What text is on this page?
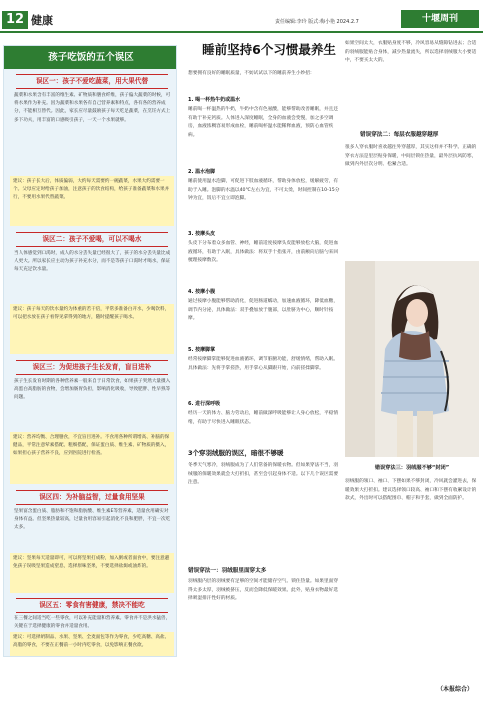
12 健康	责任编辑:李玲 版式:梅小艳 2024.2.7	十堰周刊
孩子吃饭的五个误区
误区一：孩子不爱吃蔬菜，用大果代替
蔬菜和水果含有丰富的维生素、矿物质和膳食纤维，孩子偏大蔬菜的时候，可将水果作为补充。因为蔬菜和水果各有自己营养素和特点，各有各的营养成分，不能相互替代。因此，家长应尽量鼓励孩子每天吃足蔬菜，在烹饪方式上多下功夫，用丰富的口感吸引孩子，一天一个水果就够。
建议：孩子长大后，体质偏弱，大约每天需要约一碗蔬菜，水果大约需要一个。父母应定时给孩子加油，注意孩子的饮食结构，给孩子准备蔬菜和水果并行，不要用水果代替蔬菜。
误区二：孩子不爱喝，可以不喝水
当人体感觉到口渴时，成人的水分丢失量已经很大了，孩子的水分丢失量比成人更大。所以家长应主动为孩子补充水分，而不是等孩子口渴时才喝水，保证每天充足饮水量。
建议：孩子每天的饮水量约为体重的若干倍，平常多准备白开水，少喝饮料，可以把水放在孩子看得见拿得到的地方，随时提醒孩子喝水。
误区三：为促进孩子生长发育，盲目进补
孩子生长发育时期的各种营养素一般来自于日常饮食，如果孩子突然大量摄入高蛋白高脂肪的食物，会增加肠胃负担，影响消化吸收，导致肥胖、性早熟等问题。
建议：营养均衡、合理膳食，不宜盲目进补。不食用各种所谓增高、补脑的保健品，平常注意荤素搭配、粗细搭配，保证蛋白质、维生素、矿物质的摄入，如果担心孩子营养不良，应到医院进行检查。
误区四：为补脑益智，过量食用坚果
坚果富含蛋白质、脂肪和不饱和脂肪酸、维生素E等营养素，适量食用确实对身体有益。但坚果热量较高，过量食用容易引起消化不良和肥胖，不宜一次吃太多。
建议：坚果每天适量即可，可以将坚果打成粉，加入粥或者面食中，要注意避免孩子误吸坚果造成窒息，选择原味坚果，不要选择盐焗或油炸的。
误区五：零食有害健康，禁决不能吃
在三餐之间适当吃一些零食，可以补充能量和营养素。零食并不是洪水猛兽，关键在于选择健康的零食并适量食用。
建议：可选择奶制品、水果、坚果、全麦面包等作为零食，少吃高糖、高盐、高脂的零食，不要在正餐前一小时内吃零食，以免影响正餐食欲。
睡前坚持6个习惯最养生
想要拥有良好的睡眠质量，不妨试试以下的睡前养生小妙招：
1. 喝一杯热牛奶或温水
睡前喝一杯温热的牛奶，牛奶中含有色氨酸，能够帮助改善睡眠，并且还有助于补充钙质。人体进入深度睡眠，全身的血液会变慢，加之多空调房，血液浓稠容易形成血栓，睡前喝杯温水能稀释血液，预防心血管疾病。
2. 温水泡脚
睡前使用温水泡脚，可促进下肢血液循环，帮助身体放松，缓解疲劳，有助于入睡。泡脚的水温以40℃左右为宜，不可太烫，时间控制在10-15分钟为宜，饭后不宜立即泡脚。
3. 按摩头皮
头皮下分布着众多血管、神经，睡前适度按摩头皮能够放松大脑，促进血液循环，有助于入眠，具体做法：将双手十指张开，由前额向后脑勺来回梳理按摩数次。
4. 按摩小腹
通过按摩小腹能够帮助消化，促进肠道蠕动，加速血液循环，降低血糖，调节内分泌，具体做法：双手叠加放于腹部，以肚脐为中心，顺时针按摩。
5. 按摩脚掌
经常按摩脚掌能够促进血液循环，调节脏腑功能，舒缓情绪，帮助入眠。具体做法：先将手掌搓热，用手掌心从脚跟开始，向前搓揉脚掌。
6. 进行深呼吸
经历一天的体力、脑力劳动后，睡前做深呼吸能够让人身心放松，平稳情绪，有助于尽快进入睡眠状态。
3个穿羽绒服的误区，暗很不够暖
冬季天气寒冷，羽绒服成为了人们常备的保暖衣物。但如果穿法不当，羽绒服的保暖效果就会大打折扣，甚至会引起身体不适。以下几个误区需要注意。
错误穿法一：羽绒服里面穿太多
羽绒服内层的羽绒要有足够的空间才能储存空气、锁住热量。如果里面穿得太多太厚，羽绒被挤压，反而会降低保暖效果。此外，贴身衣物最好选择吸湿排汗性好的材质。
如果空间太大，衣服贴身度不够，冷风容易从缝隙钻进去；合适的羽绒服能贴合身体，减少热量流失，所以选择羽绒服大小要适中，不要买太大的。
错误穿法二：每层衣服越穿越厚
很多人穿衣服时喜欢越往外穿越厚，其实这样并不科学。正确的穿衣方法是里层贴身保暖，中间层锁住热量，最外层抗风防寒，做到内外层次分明、松紧合适。
错误穿法三：羽绒服不够“封闭”
羽绒服的领口、袖口、下摆如果不够封闭，冷风就会灌进去，保暖效果大打折扣。建议选择领口较高、袖口和下摆有收紧设计的款式，外出时可以搭配围巾、帽子和手套，做到全面防护。
（本报综合）
